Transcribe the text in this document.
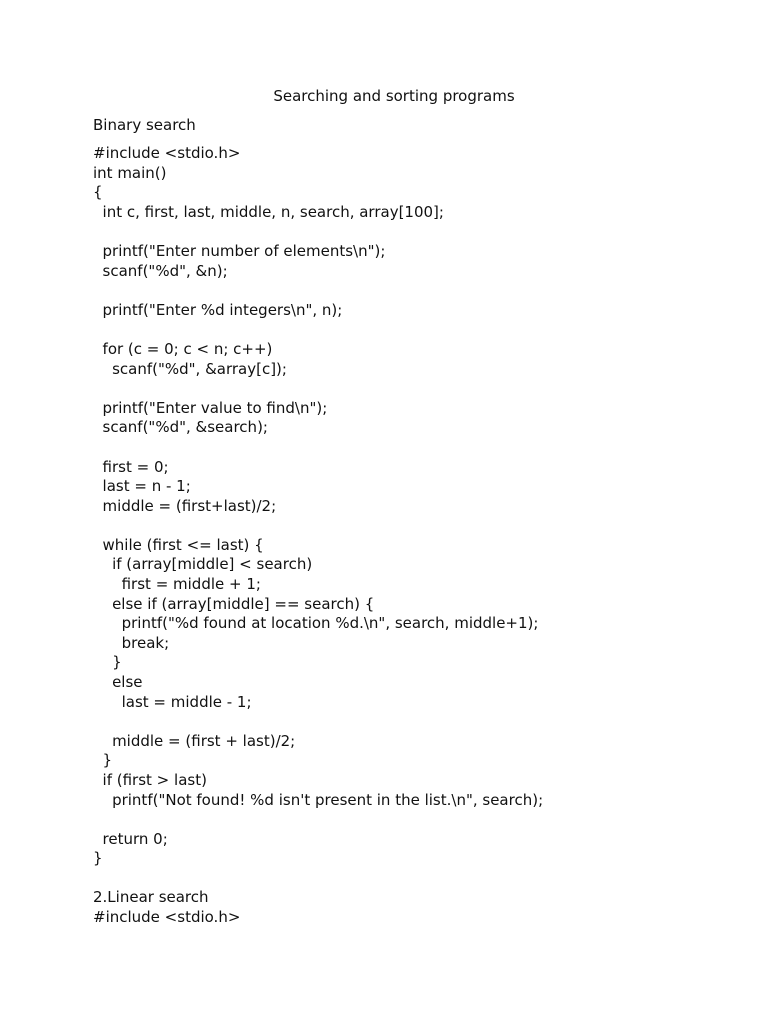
Searching and sorting programs
Binary search
#include <stdio.h>
int main()
{
int c, first, last, middle, n, search, array[100];
printf("Enter number of elements\n");
scanf("%d", &n);
printf("Enter %d integers\n", n);
for (c = 0; c < n; c++)
scanf("%d", &array[c]);
printf("Enter value to find\n");
scanf("%d", &search);
first = 0;
last = n - 1;
middle = (first+last)/2;
while (first <= last) {
if (array[middle] < search)
first = middle + 1;
else if (array[middle] == search) {
printf("%d found at location %d.\n", search, middle+1);
break;
}
else
last = middle - 1;
middle = (first + last)/2;
}
if (first > last)
printf("Not found! %d isn't present in the list.\n", search);
return 0;
}
2.Linear search
#include <stdio.h>
